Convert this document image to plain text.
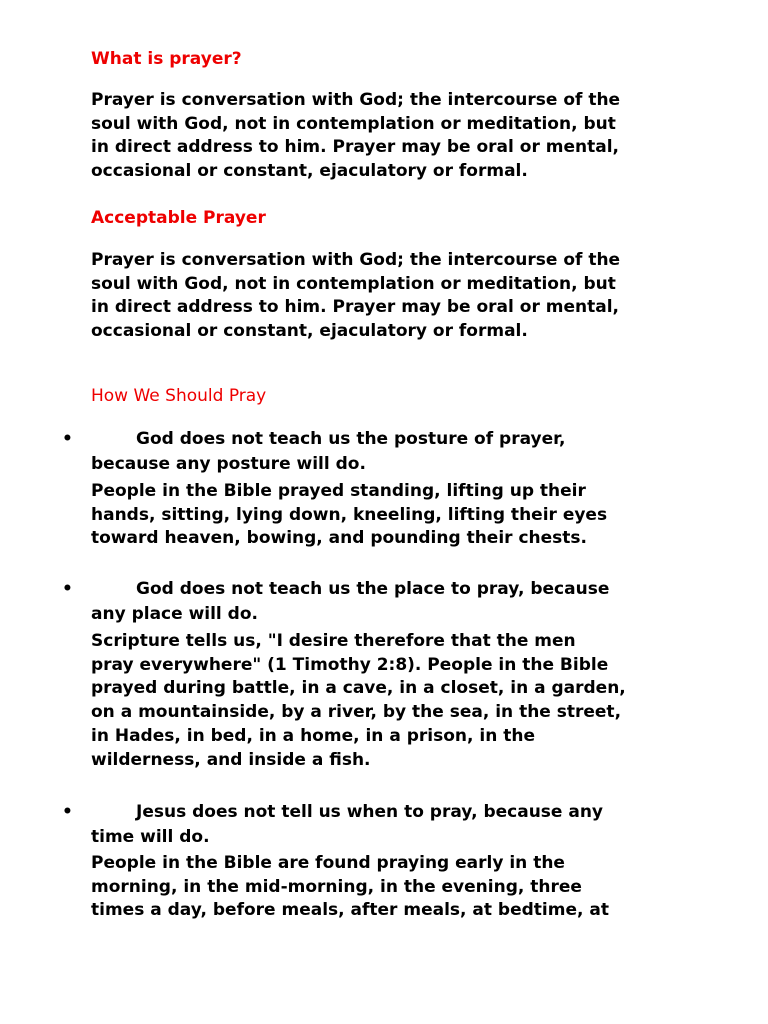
What is prayer?

Prayer is conversation with God; the intercourse of the
soul with God, not in contemplation or meditation, but
in direct address to him. Prayer may be oral or mental,
occasional or constant, ejaculatory or formal.

Acceptable Prayer

Prayer is conversation with God; the intercourse of the
soul with God, not in contemplation or meditation, but
in direct address to him. Prayer may be oral or mental,
occasional or constant, ejaculatory or formal.

How We Should Pray
•	God does not teach us the posture of prayer,
because any posture will do.

People in the Bible prayed standing, lifting up their
hands, sitting, lying down, kneeling, lifting their eyes
toward heaven, bowing, and pounding their chests.

•	God does not teach us the place to pray, because
any place will do.

Scripture tells us, "I desire therefore that the men
pray everywhere" (1 Timothy 2:8). People in the Bible
prayed during battle, in a cave, in a closet, in a garden,
on a mountainside, by a river, by the sea, in the street,
in Hades, in bed, in a home, in a prison, in the
wilderness, and inside a fish.

•	Jesus does not tell us when to pray, because any
time will do.

People in the Bible are found praying early in the
morning, in the mid-morning, in the evening, three
times a day, before meals, after meals, at bedtime, at
